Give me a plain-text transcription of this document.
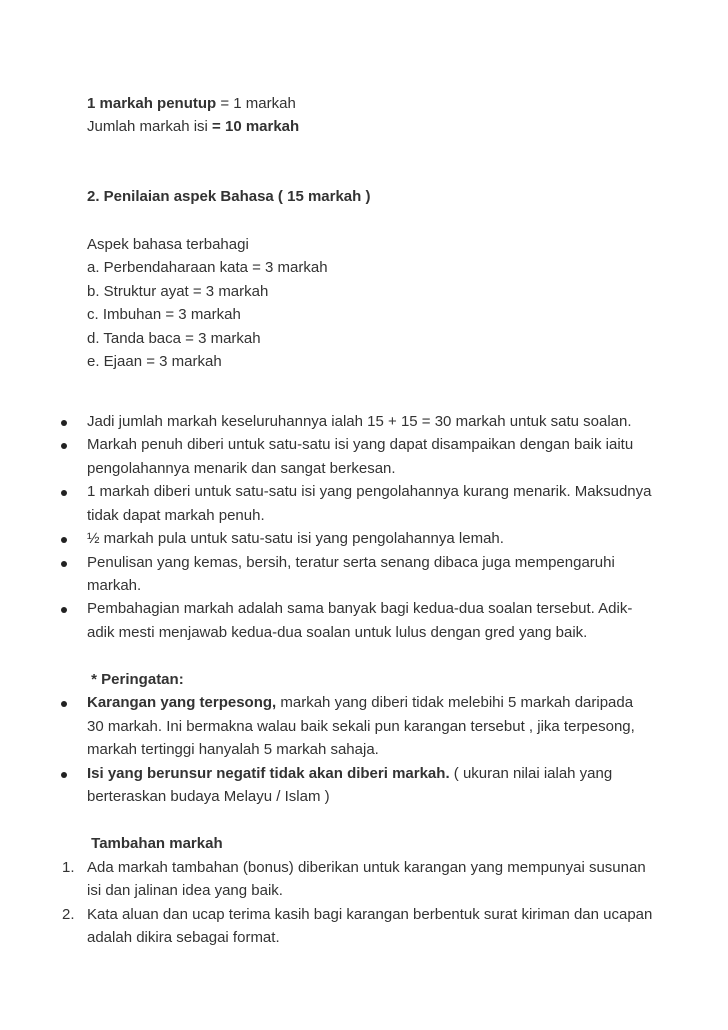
1 markah penutup = 1 markah
Jumlah markah isi = 10 markah
2. Penilaian aspek Bahasa ( 15 markah )
Aspek bahasa terbahagi
a. Perbendaharaan kata = 3 markah
b. Struktur ayat = 3 markah
c. Imbuhan = 3 markah
d. Tanda baca = 3 markah
e. Ejaan = 3 markah
Jadi jumlah markah keseluruhannya ialah 15 + 15 = 30 markah untuk satu soalan.
Markah penuh diberi untuk satu-satu isi yang dapat disampaikan dengan baik iaitu
pengolahannya menarik dan sangat berkesan.
1 markah diberi untuk satu-satu isi yang pengolahannya kurang menarik. Maksudnya
tidak dapat markah penuh.
½ markah pula untuk satu-satu isi yang pengolahannya lemah.
Penulisan yang kemas, bersih, teratur serta senang dibaca juga mempengaruhi
markah.
Pembahagian markah adalah sama banyak bagi kedua-dua soalan tersebut. Adik-
adik mesti menjawab kedua-dua soalan untuk lulus dengan gred yang baik.
* Peringatan:
Karangan yang terpesong, markah yang diberi tidak melebihi 5 markah daripada
30 markah. Ini bermakna walau baik sekali pun karangan tersebut , jika terpesong,
markah tertinggi hanyalah 5 markah sahaja.
Isi yang berunsur negatif tidak akan diberi markah. ( ukuran nilai ialah yang
berteraskan budaya Melayu / Islam )
Tambahan markah
1. Ada markah tambahan (bonus) diberikan untuk karangan yang mempunyai susunan
isi dan jalinan idea yang baik.
2. Kata aluan dan ucap terima kasih bagi karangan berbentuk surat kiriman dan ucapan
adalah dikira sebagai format.
